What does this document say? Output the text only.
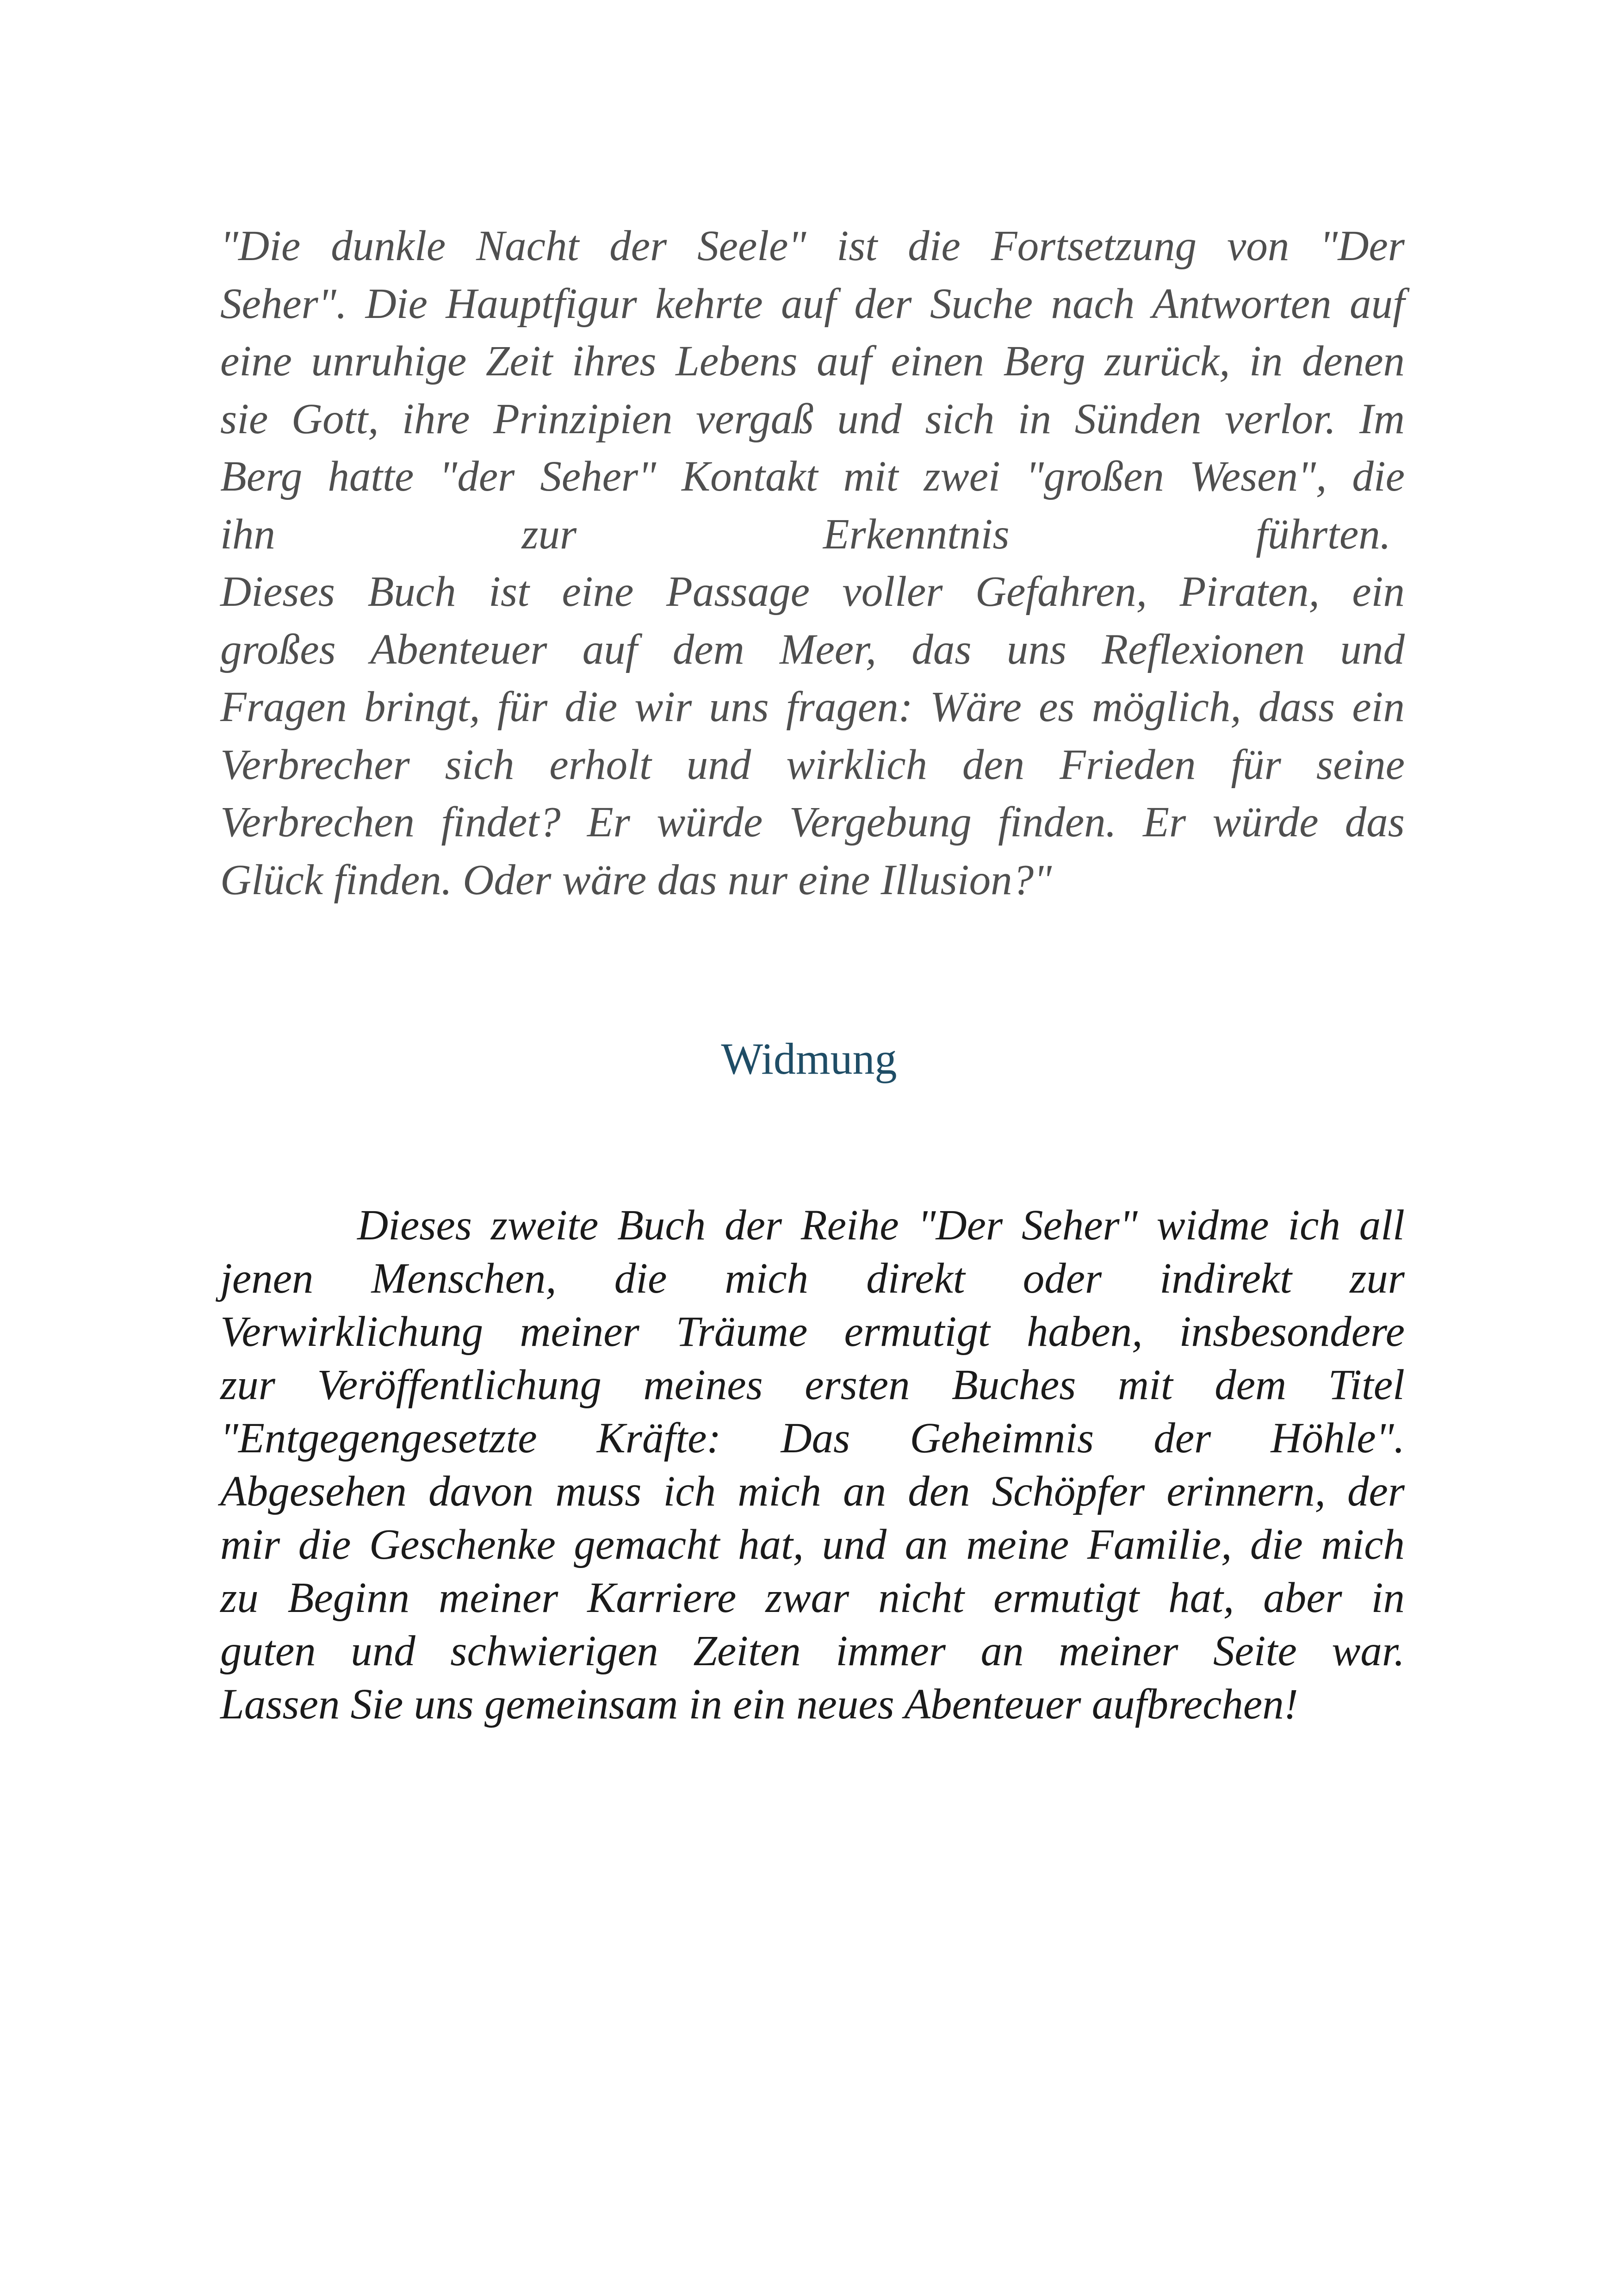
"Die dunkle Nacht der Seele" ist die Fortsetzung von "Der
Seher". Die Hauptfigur kehrte auf der Suche nach Antworten auf
eine unruhige Zeit ihres Lebens auf einen Berg zurück, in denen
sie Gott, ihre Prinzipien vergaß und sich in Sünden verlor. Im
Berg hatte "der Seher" Kontakt mit zwei "großen Wesen", die
ihn zur Erkenntnis führten.
Dieses Buch ist eine Passage voller Gefahren, Piraten, ein
großes Abenteuer auf dem Meer, das uns Reflexionen und
Fragen bringt, für die wir uns fragen: Wäre es möglich, dass ein
Verbrecher sich erholt und wirklich den Frieden für seine
Verbrechen findet? Er würde Vergebung finden. Er würde das
Glück finden. Oder wäre das nur eine Illusion?"
Widmung
Dieses zweite Buch der Reihe "Der Seher" widme ich all
jenen Menschen, die mich direkt oder indirekt zur
Verwirklichung meiner Träume ermutigt haben, insbesondere
zur Veröffentlichung meines ersten Buches mit dem Titel
"Entgegengesetzte Kräfte: Das Geheimnis der Höhle".
Abgesehen davon muss ich mich an den Schöpfer erinnern, der
mir die Geschenke gemacht hat, und an meine Familie, die mich
zu Beginn meiner Karriere zwar nicht ermutigt hat, aber in
guten und schwierigen Zeiten immer an meiner Seite war.
Lassen Sie uns gemeinsam in ein neues Abenteuer aufbrechen!
